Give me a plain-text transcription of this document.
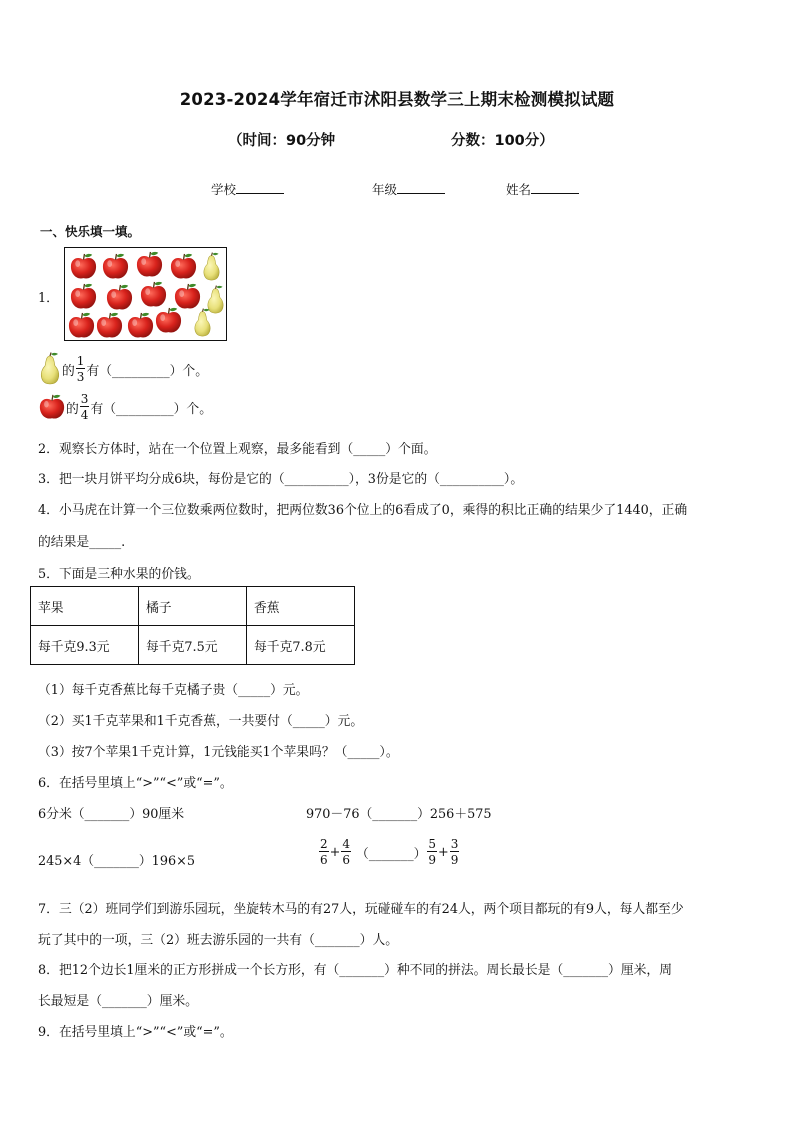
2023-2024学年宿迁市沭阳县数学三上期末检测模拟试题
（时间：90分钟	分数：100分）
学校	年级	姓名
一、快乐填一填。
1．
的 $\frac{1}{3}$ 有（_________）个。
的 $\frac{3}{4}$ 有（_________）个。
2．观察长方体时，站在一个位置上观察，最多能看到（_____）个面。
3．把一块月饼平均分成6块，每份是它的（__________），3份是它的（__________）。
4．小马虎在计算一个三位数乘两位数时，把两位数36个位上的6看成了0，乘得的积比正确的结果少了1440，正确
的结果是_____.
5．下面是三种水果的价钱。
苹果	橘子	香蕉
每千克9.3元	每千克7.5元	每千克7.8元
（1）每千克香蕉比每千克橘子贵（_____）元。
（2）买1千克苹果和1千克香蕉，一共要付（_____）元。
（3）按7个苹果1千克计算，1元钱能买1个苹果吗？（_____）。
6．在括号里填上“>”“<”或“=”。
6分米（_______）90厘米	970－76（_______）256＋575
245×4（_______）196×5	$\frac{2}{6} + \frac{4}{6}$ （_______） $\frac{5}{9} + \frac{3}{9}$
7．三（2）班同学们到游乐园玩，坐旋转木马的有27人，玩碰碰车的有24人，两个项目都玩的有9人，每人都至少
玩了其中的一项，三（2）班去游乐园的一共有（_______）人。
8．把12个边长1厘米的正方形拼成一个长方形，有（_______）种不同的拼法。周长最长是（_______）厘米，周
长最短是（_______）厘米。
9．在括号里填上“>”“<”或“=”。
